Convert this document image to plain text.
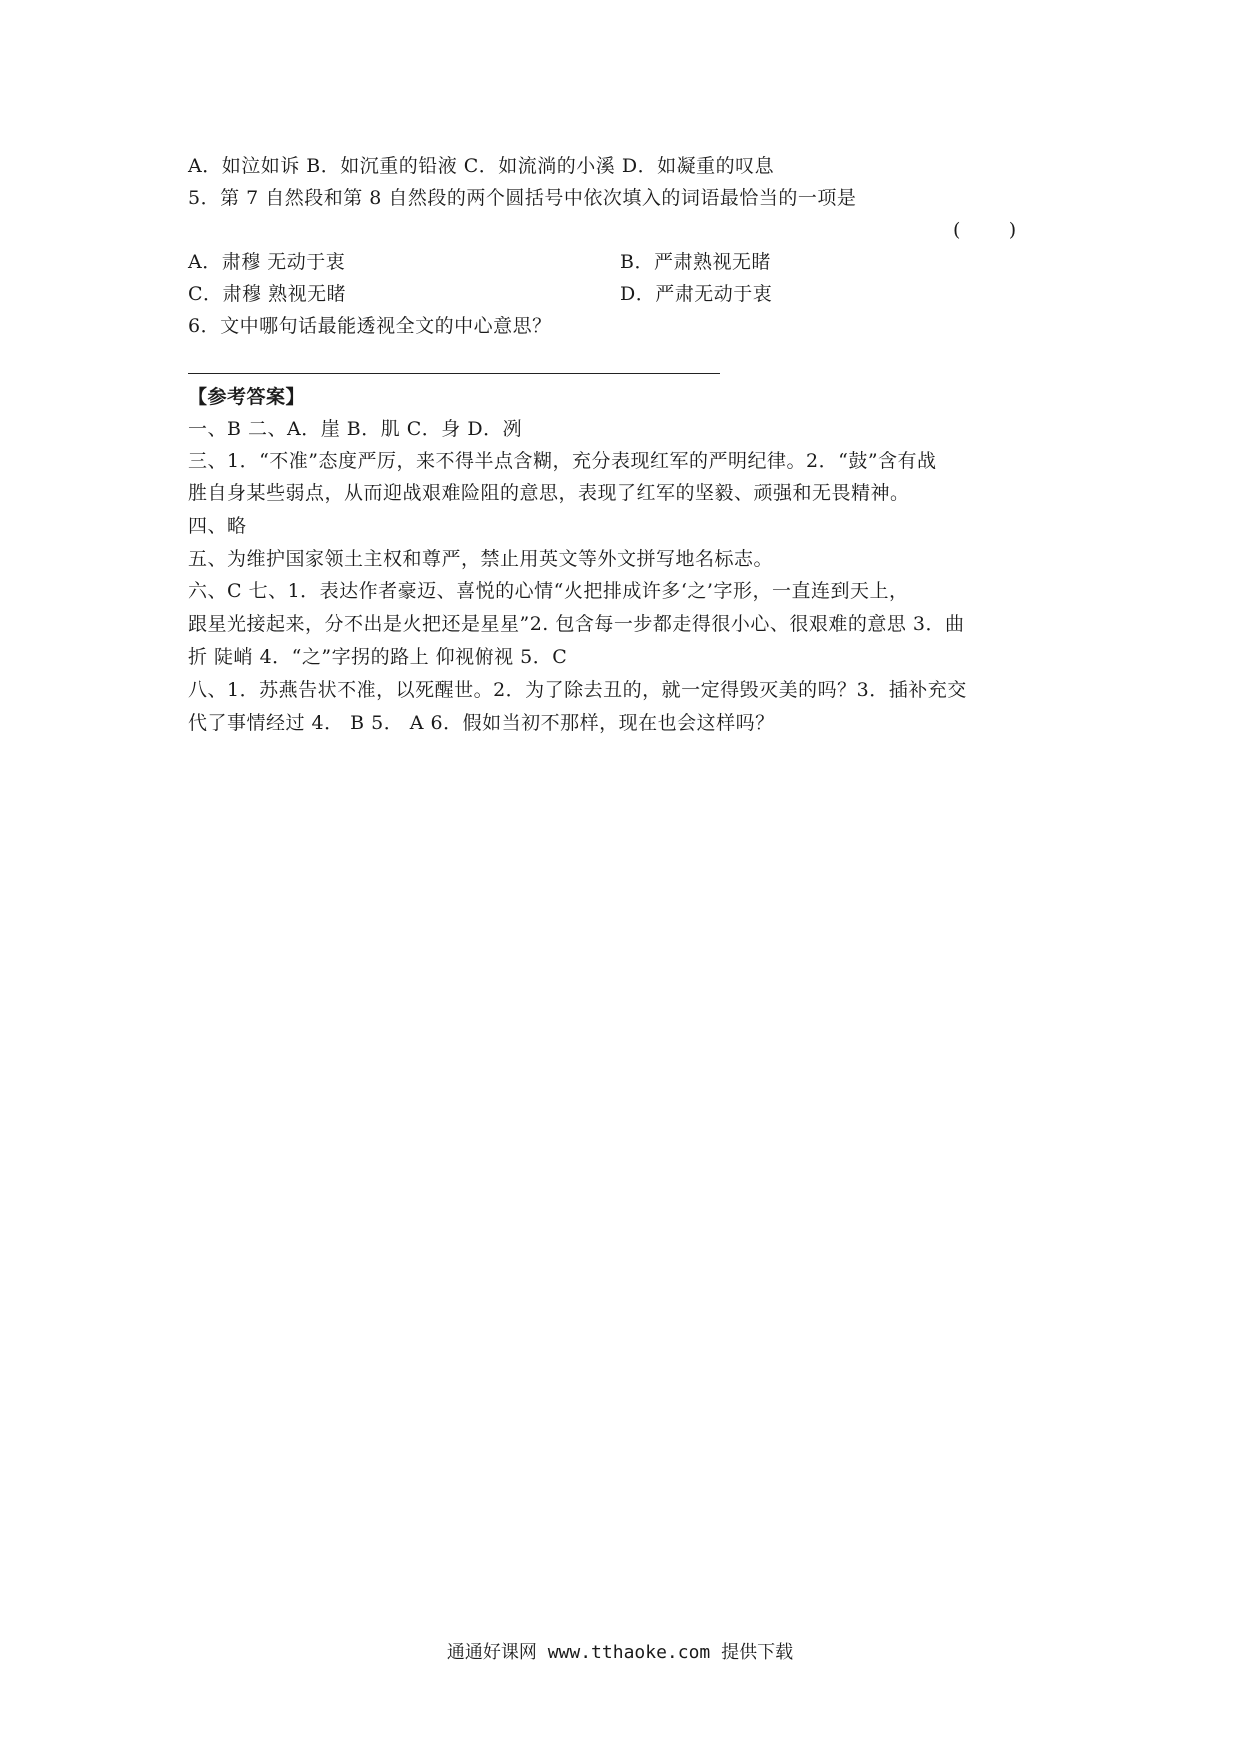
A．如泣如诉 B．如沉重的铅液 C．如流淌的小溪 D．如凝重的叹息
5．第 7 自然段和第 8 自然段的两个圆括号中依次填入的词语最恰当的一项是
(        )
A．肃穆 无动于衷	B．严肃熟视无睹
C．肃穆 熟视无睹	D．严肃无动于衷
6．文中哪句话最能透视全文的中心意思？
【参考答案】
一、B 二、A．崖 B．肌 C．身 D．冽
三、1．“不准”态度严厉，来不得半点含糊，充分表现红军的严明纪律。2．“鼓”含有战
胜自身某些弱点，从而迎战艰难险阻的意思，表现了红军的坚毅、顽强和无畏精神。
四、略
五、为维护国家领土主权和尊严，禁止用英文等外文拼写地名标志。
六、C 七、1．表达作者豪迈、喜悦的心情“火把排成许多‘之’字形，一直连到天上，
跟星光接起来，分不出是火把还是星星”2. 包含每一步都走得很小心、很艰难的意思 3．曲
折 陡峭 4．“之”字拐的路上 仰视俯视 5．C
八、1．苏燕告状不准，以死醒世。2．为了除去丑的，就一定得毁灭美的吗？3．插补充交
代了事情经过 4． B 5． A 6．假如当初不那样，现在也会这样吗？
通通好课网 www.tthaoke.com 提供下载
